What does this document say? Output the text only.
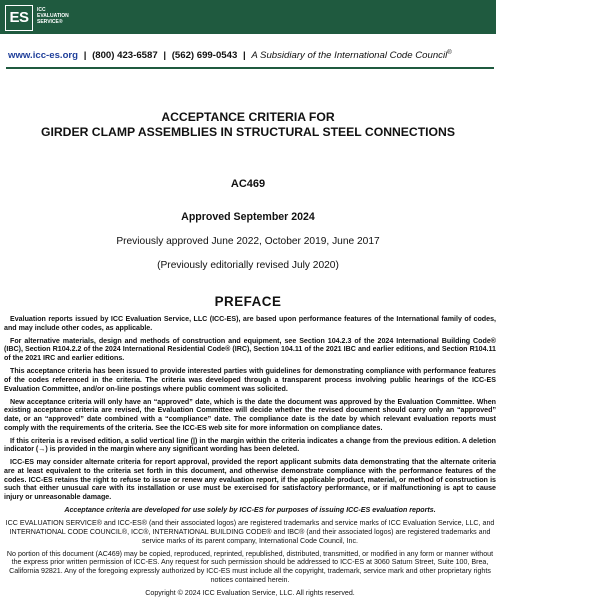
ES	ICC
EVALUATION
SERVICE®
www.icc-es.org | (800) 423-6587 | (562) 699-0543 | A Subsidiary of the International Code Council®
ACCEPTANCE CRITERIA FOR
GIRDER CLAMP ASSEMBLIES IN STRUCTURAL STEEL CONNECTIONS
AC469
Approved September 2024
Previously approved June 2022, October 2019, June 2017
(Previously editorially revised July 2020)
PREFACE

Evaluation reports issued by ICC Evaluation Service, LLC (ICC-ES), are based upon performance features of the International family of codes, and may include other codes, as applicable.

For alternative materials, design and methods of construction and equipment, see Section 104.2.3 of the 2024 International Building Code® (IBC), Section R104.2.2 of the 2024 International Residential Code® (IRC), Section 104.11 of the 2021 IBC and earlier editions, and Section R104.11 of the 2021 IRC and earlier editions.

This acceptance criteria has been issued to provide interested parties with guidelines for demonstrating compliance with performance features of the codes referenced in the criteria. The criteria was developed through a transparent process involving public hearings of the ICC-ES Evaluation Committee, and/or on-line postings where public comment was solicited.

New acceptance criteria will only have an “approved” date, which is the date the document was approved by the Evaluation Committee. When existing acceptance criteria are revised, the Evaluation Committee will decide whether the revised document should carry only an “approved” date, or an “approved” date combined with a “compliance” date. The compliance date is the date by which relevant evaluation reports must comply with the requirements of the criteria. See the ICC-ES web site for more information on compliance dates.

If this criteria is a revised edition, a solid vertical line (|) in the margin within the criteria indicates a change from the previous edition. A deletion indicator (→) is provided in the margin where any significant wording has been deleted.

ICC-ES may consider alternate criteria for report approval, provided the report applicant submits data demonstrating that the alternate criteria are at least equivalent to the criteria set forth in this document, and otherwise demonstrate compliance with the performance features of the codes. ICC-ES retains the right to refuse to issue or renew any evaluation report, if the applicable product, material, or method of construction is such that either unusual care with its installation or use must be exercised for satisfactory performance, or if malfunctioning is apt to cause injury or unreasonable damage.

Acceptance criteria are developed for use solely by ICC-ES for purposes of issuing ICC-ES evaluation reports.

ICC EVALUATION SERVICE® and ICC-ES® (and their associated logos) are registered trademarks and service marks of ICC Evaluation Service, LLC, and INTERNATIONAL CODE COUNCIL®, ICC®, INTERNATIONAL BUILDING CODE® and IBC® (and their associated logos) are registered trademarks and service marks of its parent company, International Code Council, Inc.

No portion of this document (AC469) may be copied, reproduced, reprinted, republished, distributed, transmitted, or modified in any form or manner without the express prior written permission of ICC-ES. Any request for such permission should be addressed to ICC-ES at 3060 Saturn Street, Suite 100, Brea, California 92821. Any of the foregoing expressly authorized by ICC-ES must include all the copyright, trademark, service mark and other proprietary rights notices contained herein.

Copyright © 2024 ICC Evaluation Service, LLC. All rights reserved.
